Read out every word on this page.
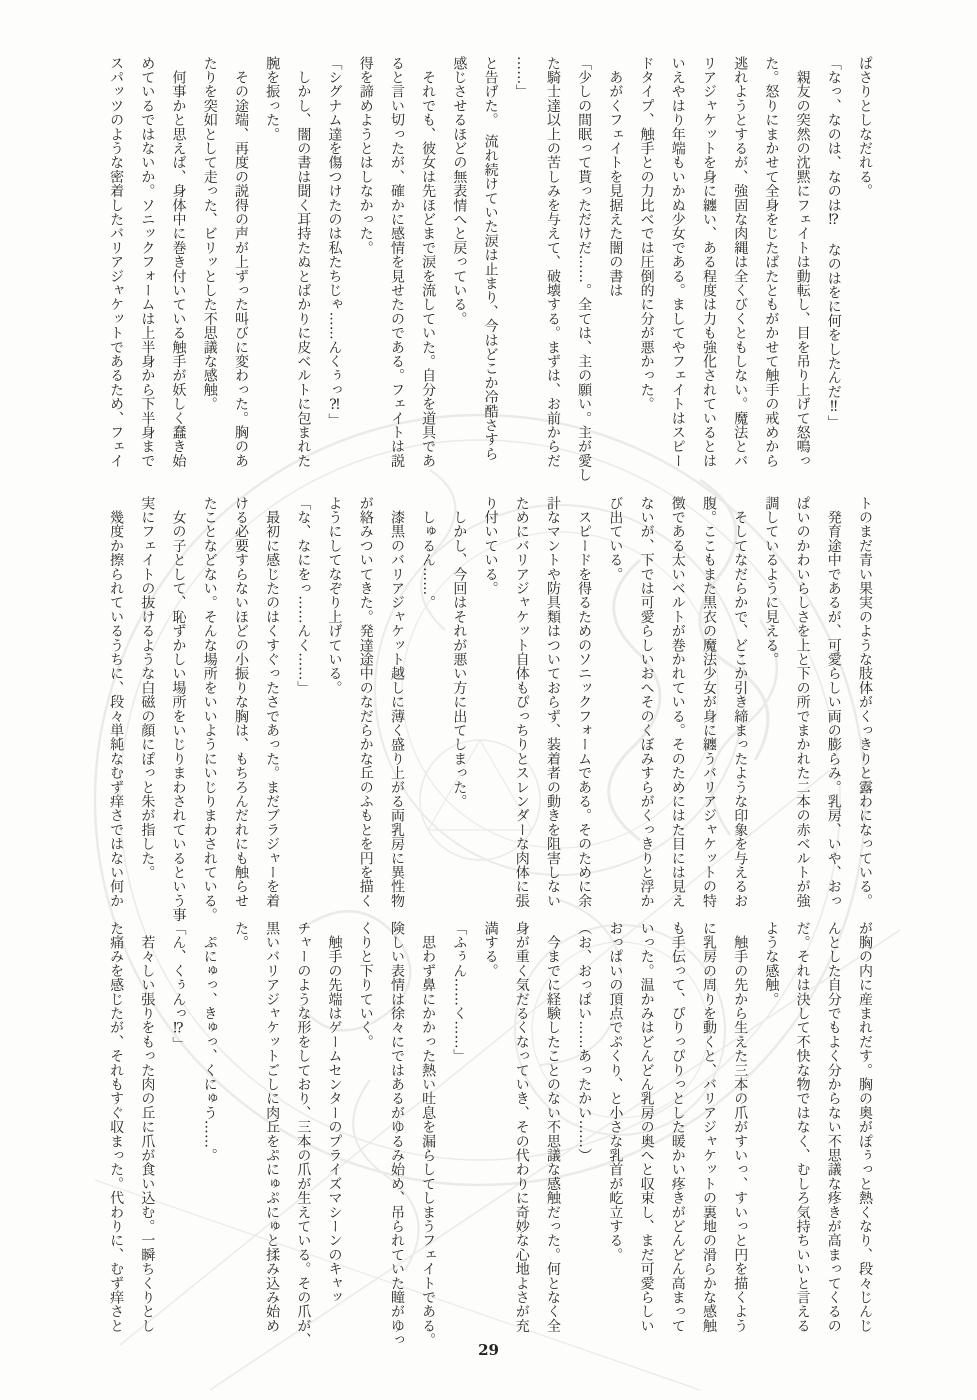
ぱさりとしなだれる。
「なっ、なのは、なのは⁉　なのはをに何をしたんだ‼」
　親友の突然の沈黙にフェイトは動転し、目を吊り上げて怒鳴っ
た。怒りにまかせて全身をじたばたともがかせて触手の戒めから
逃れようとするが、強固な肉縄は全くびくともしない。魔法とバ
リアジャケットを身に纏い、ある程度は力も強化されているとは
いえやはり年端もいかぬ少女である。ましてやフェイトはスピー
ドタイプ、触手との力比べでは圧倒的に分が悪かった。
　あがくフェイトを見据えた闇の書は
「少しの間眠って貰っただけだ……。全ては、主の願い。主が愛し
た騎士達以上の苦しみを与えて、破壊する。まずは、お前からだ
……」
と告げた。　流れ続けていた涙は止まり、今はどこか冷酷さすら
感じさせるほどの無表情へと戻っている。
　それでも、彼女は先ほどまで涙を流していた。自分を道具であ
ると言い切ったが、確かに感情を見せたのである。フェイトは説
得を諦めようとはしなかった。
「シグナム達を傷つけたのは私たちじゃ……んくぅっ⁈」
　しかし、闇の書は聞く耳持たぬとばかりに皮ベルトに包まれた
腕を振った。
　その途端、再度の説得の声が上ずった叫びに変わった。胸のあ
たりを突如として走った、ビリッとした不思議な感触。
　何事かと思えば、身体中に巻き付いている触手が妖しく蠢き始
めているではないか。ソニックフォームは上半身から下半身まで
スパッツのような密着したバリアジャケットであるため、フェイ
トのまだ青い果実のような肢体がくっきりと露わになっている。
　発育途中であるが、可愛らしい両の膨らみ。乳房、いや、おっ
ぱいのかわいらしさを上と下の所でまかれた二本の赤ベルトが強
調しているように見える。
　そしてなだらかで、どこか引き締まったような印象を与えるお
腹。ここもまた黒衣の魔法少女が身に纏うバリアジャケットの特
徴である太いベルトが巻かれている。そのためにはた目には見え
ないが、下では可愛らしいおへそのくぼみすらがくっきりと浮か
び出ている。
　スピードを得るためのソニックフォームである。そのために余
計なマントや防具類はついておらず、装着者の動きを阻害しない
ためにバリアジャケット自体もぴっちりとスレンダーな肉体に張
り付いている。
　しかし、今回はそれが悪い方に出てしまった。
　しゅるん……。
　漆黒のバリアジャケット越しに薄く盛り上がる両乳房に異性物
が絡みついてきた。発達途中のなだらかな丘のふもとを円を描く
ようにしてなぞり上げている。
「な、なにをっ……んく……」
　最初に感じたのはくすぐったさであった。まだブラジャーを着
ける必要すらないほどの小振りな胸は、もちろんだれにも触らせ
たことなどない。そんな場所をいいようにいじりまわされている。
　女の子として、恥ずかしい場所をいじりまわされているという事
実にフェイトの抜けるような白磁の顔にぽっと朱が指した。
　幾度か擦られているうちに、段々単純なむず痒さではない何か
が胸の内に産まれだす。胸の奥がぽぅっと熱くなり、段々じんじ
んとした自分でもよく分からない不思議な疼きが高まってくるの
だ。それは決して不快な物ではなく、むしろ気持ちいいと言える
ような感触。
　触手の先から生えた三本の爪がすいっ、すいっと円を描くよう
に乳房の周りを動くと、バリアジャケットの裏地の滑らかな感触
も手伝って、ぴりっぴりっとした暖かい疼きがどんどん高まって
いった。温かみはどんどん乳房の奥へと収束し、まだ可愛らしい
おっぱいの頂点でぷくり、と小さな乳首が屹立する。
（お、おっぱい……あったかい……）
　今までに経験したことのない不思議な感触だった。何となく全
身が重く気だるくなっていき、その代わりに奇妙な心地よさが充
満する。
「ふぅん……く……」
　思わず鼻にかかった熱い吐息を漏らしてしまうフェイトである。
険しい表情は徐々にではあるがゆるみ始め、吊られていた瞳がゆっ
くりと下りていく。
　触手の先端はゲームセンターのプライズマシーンのキャッ
チャーのような形をしており、三本の爪が生えている。その爪が、
黒いバリアジャケットごしに肉丘をぷにゅぷにゅと揉み込み始め
た。
　ぷにゅっ、きゅっ、くにゅう……。
「ん、くぅんっ⁉」
　若々しい張りをもった肉の丘に爪が食い込む。一瞬ちくりとし
た痛みを感じたが、それもすぐ収まった。代わりに、むず痒さと
29
